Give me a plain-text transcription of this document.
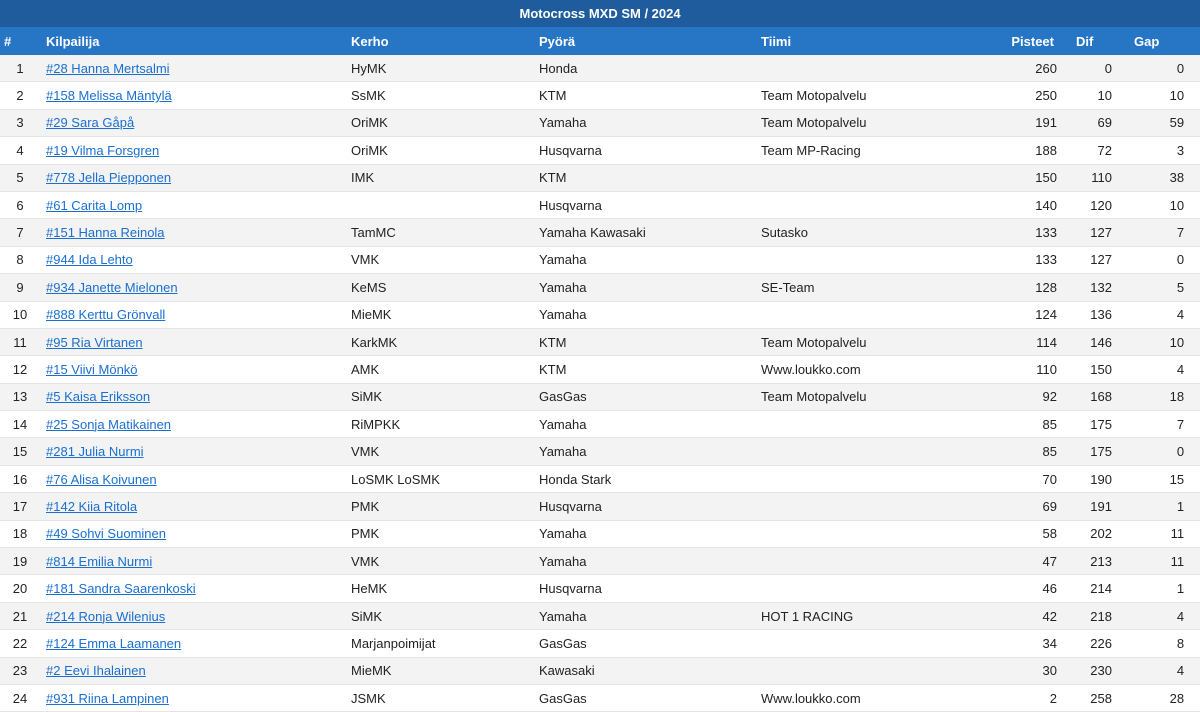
Motocross MXD SM / 2024							
#	Kilpailija	Kerho	Pyörä	Tiimi	Pisteet	Dif	Gap
1	#28 Hanna Mertsalmi	HyMK	Honda		260	0	0
2	#158 Melissa Mäntylä	SsMK	KTM	Team Motopalvelu	250	10	10
3	#29 Sara Gåpå	OriMK	Yamaha	Team Motopalvelu	191	69	59
4	#19 Vilma Forsgren	OriMK	Husqvarna	Team MP-Racing	188	72	3
5	#778 Jella Piepponen	IMK	KTM		150	110	38
6	#61 Carita Lomp		Husqvarna		140	120	10
7	#151 Hanna Reinola	TamMC	Yamaha Kawasaki	Sutasko	133	127	7
8	#944 Ida Lehto	VMK	Yamaha		133	127	0
9	#934 Janette Mielonen	KeMS	Yamaha	SE-Team	128	132	5
10	#888 Kerttu Grönvall	MieMK	Yamaha		124	136	4
11	#95 Ria Virtanen	KarkMK	KTM	Team Motopalvelu	114	146	10
12	#15 Viivi Mönkö	AMK	KTM	Www.loukko.com	110	150	4
13	#5 Kaisa Eriksson	SiMK	GasGas	Team Motopalvelu	92	168	18
14	#25 Sonja Matikainen	RiMPKK	Yamaha		85	175	7
15	#281 Julia Nurmi	VMK	Yamaha		85	175	0
16	#76 Alisa Koivunen	LoSMK LoSMK	Honda Stark		70	190	15
17	#142 Kiia Ritola	PMK	Husqvarna		69	191	1
18	#49 Sohvi Suominen	PMK	Yamaha		58	202	11
19	#814 Emilia Nurmi	VMK	Yamaha		47	213	11
20	#181 Sandra Saarenkoski	HeMK	Husqvarna		46	214	1
21	#214 Ronja Wilenius	SiMK	Yamaha	HOT 1 RACING	42	218	4
22	#124 Emma Laamanen	Marjanpoimijat	GasGas		34	226	8
23	#2 Eevi Ihalainen	MieMK	Kawasaki		30	230	4
24	#931 Riina Lampinen	JSMK	GasGas	Www.loukko.com	2	258	28
